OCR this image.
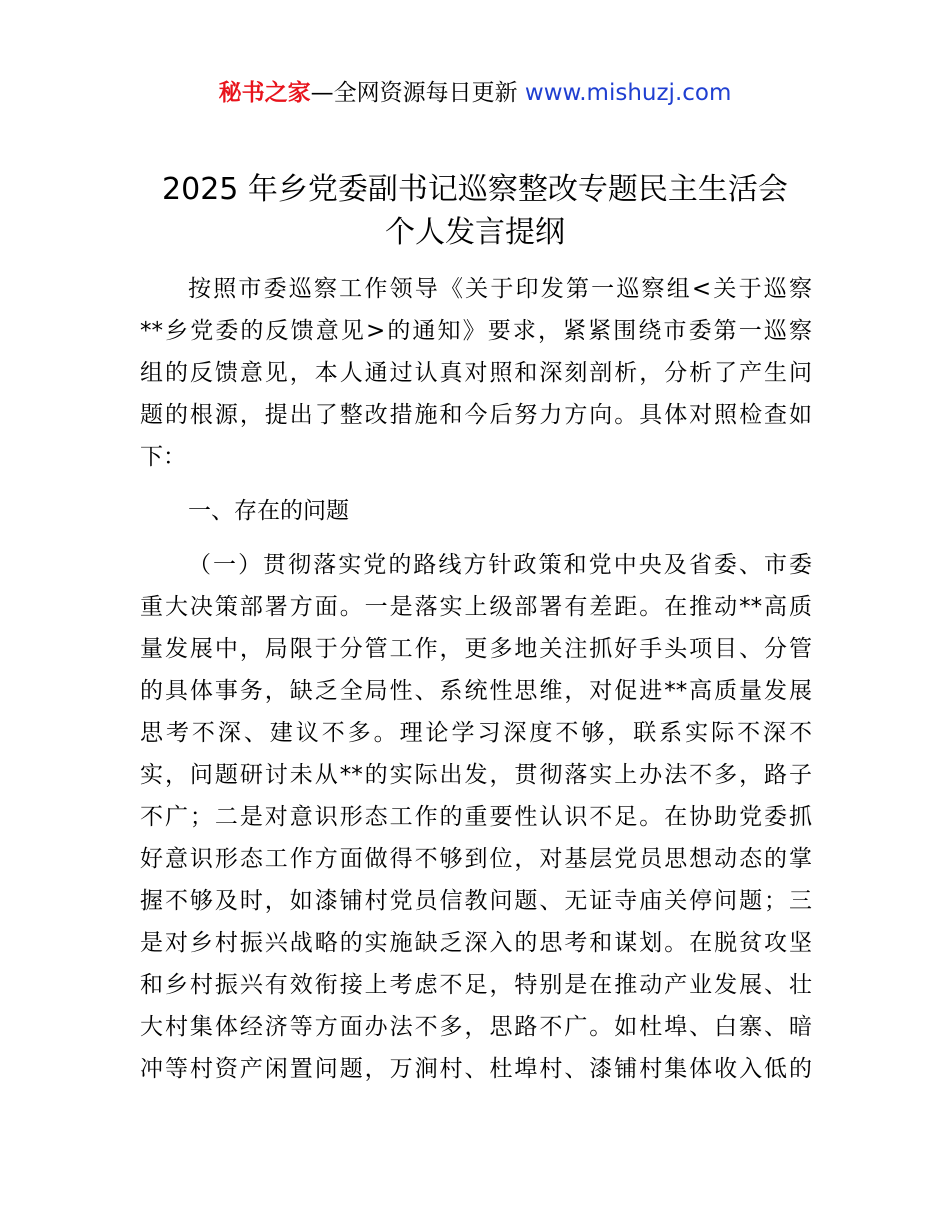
秘书之家—全网资源每日更新 www.mishuzj.com
2025 年乡党委副书记巡察整改专题民主生活会
个人发言提纲
按照市委巡察工作领导《关于印发第一巡察组<关于巡察
**乡党委的反馈意见>的通知》要求，紧紧围绕市委第一巡察
组的反馈意见，本人通过认真对照和深刻剖析，分析了产生问
题的根源，提出了整改措施和今后努力方向。具体对照检查如
下：
一、存在的问题
（一）贯彻落实党的路线方针政策和党中央及省委、市委
重大决策部署方面。一是落实上级部署有差距。在推动**高质
量发展中，局限于分管工作，更多地关注抓好手头项目、分管
的具体事务，缺乏全局性、系统性思维，对促进**高质量发展
思考不深、建议不多。理论学习深度不够，联系实际不深不
实，问题研讨未从**的实际出发，贯彻落实上办法不多，路子
不广；二是对意识形态工作的重要性认识不足。在协助党委抓
好意识形态工作方面做得不够到位，对基层党员思想动态的掌
握不够及时，如漆铺村党员信教问题、无证寺庙关停问题；三
是对乡村振兴战略的实施缺乏深入的思考和谋划。在脱贫攻坚
和乡村振兴有效衔接上考虑不足，特别是在推动产业发展、壮
大村集体经济等方面办法不多，思路不广。如杜埠、白寨、暗
冲等村资产闲置问题，万涧村、杜埠村、漆铺村集体收入低的
